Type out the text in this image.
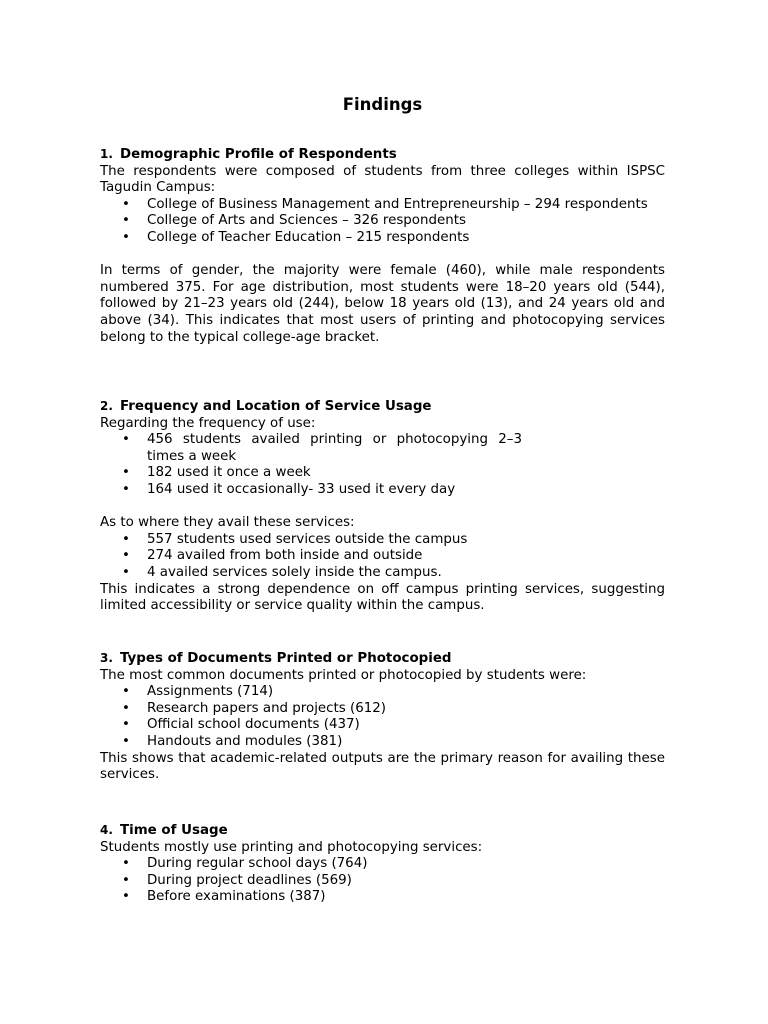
Findings
1. Demographic Profile of Respondents

The respondents were composed of students from three colleges within ISPSC Tagudin Campus:

• College of Business Management and Entrepreneurship – 294 respondents
• College of Arts and Sciences – 326 respondents
• College of Teacher Education – 215 respondents

In terms of gender, the majority were female (460), while male respondents numbered 375. For age distribution, most students were 18–20 years old (544), followed by 21–23 years old (244), below 18 years old (13), and 24 years old and above (34). This indicates that most users of printing and photocopying services belong to the typical college-age bracket.

2. Frequency and Location of Service Usage

Regarding the frequency of use:

• 456 students availed printing or photocopying 2–3 times a week
• 182 used it once a week
• 164 used it occasionally- 33 used it every day

As to where they avail these services:

• 557 students used services outside the campus
• 274 availed from both inside and outside
• 4 availed services solely inside the campus.

This indicates a strong dependence on off campus printing services, suggesting limited accessibility or service quality within the campus.

3. Types of Documents Printed or Photocopied

The most common documents printed or photocopied by students were:

• Assignments (714)
• Research papers and projects (612)
• Official school documents (437)
• Handouts and modules (381)

This shows that academic-related outputs are the primary reason for availing these services.

4. Time of Usage

Students mostly use printing and photocopying services:

• During regular school days (764)
• During project deadlines (569)
• Before examinations (387)
